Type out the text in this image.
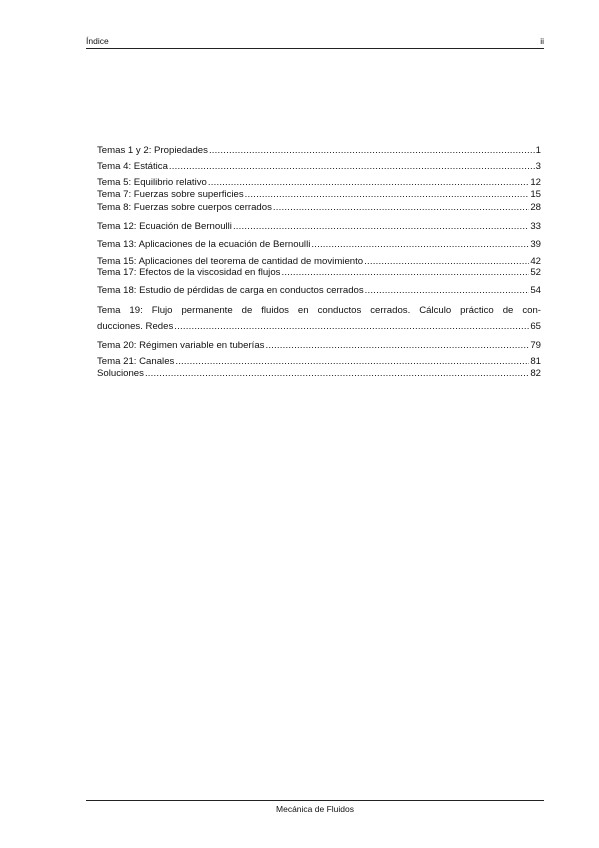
Índice	ii
Temas 1 y 2: Propiedades .....	1
Tema 4: Estática .....	3
Tema 5: Equilibrio relativo .....	12
Tema 7: Fuerzas sobre superficies .....	15
Tema 8: Fuerzas sobre cuerpos cerrados .....	28
Tema 12: Ecuación de Bernoulli .....	33
Tema 13: Aplicaciones de la ecuación de Bernoulli .....	39
Tema 15: Aplicaciones del teorema de cantidad de movimiento .....	42
Tema 17: Efectos de la viscosidad en flujos .....	52
Tema 18: Estudio de pérdidas de carga en conductos cerrados .....	54
Tema 19: Flujo permanente de fluidos en conductos cerrados. Cálculo práctico de con-
ducciones. Redes .....	65
Tema 20: Régimen variable en tuberías .....	79
Tema 21: Canales .....	81
Soluciones .....	82
Mecánica de Fluidos
